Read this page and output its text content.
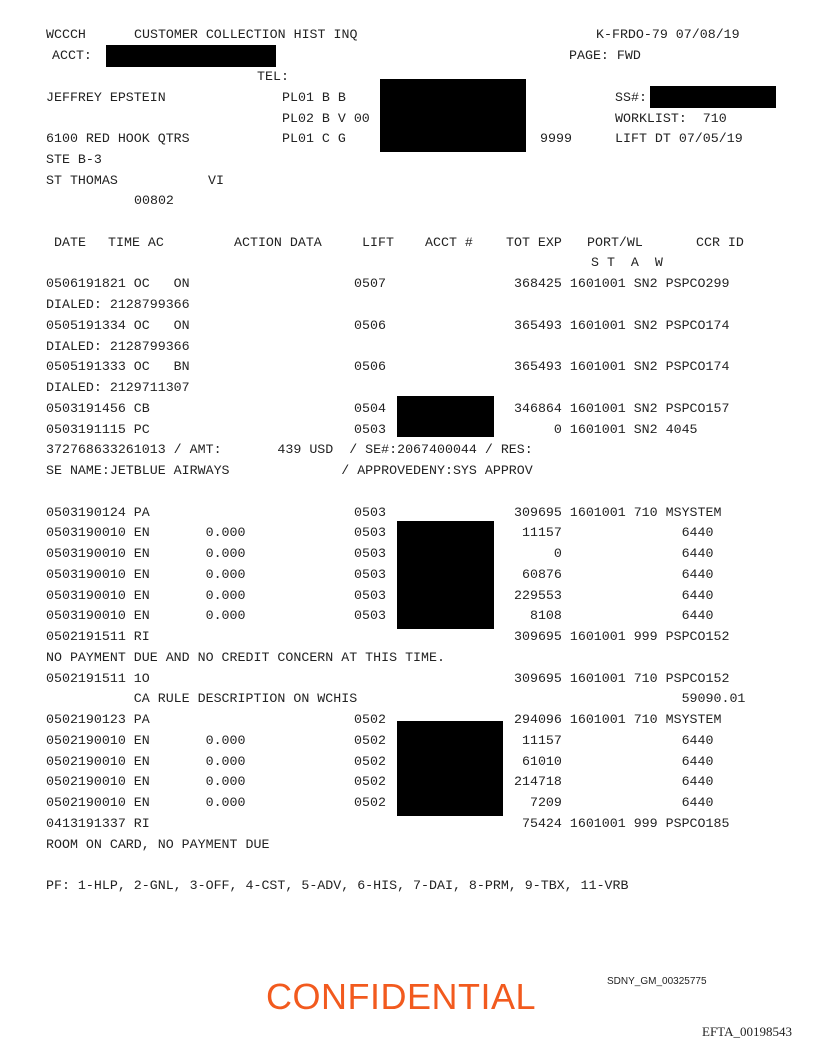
WCCCH	CUSTOMER COLLECTION HIST INQ	K-FRDO-79 07/08/19
ACCT:	PAGE: FWD
TEL:
JEFFREY EPSTEIN	PL01 B B
PL02 B V 00
PL01 C G	9999
SS#:
WORKLIST:  710
LIFT DT 07/05/19
6100 RED HOOK QTRS
STE B-3
ST THOMAS	VI
00802
DATE TIME AC	ACTION DATA	LIFT ACCT # TOT EXP PORT/WL	CCR ID
S T  A  W
0506191821 OC   ON	0507	368425 1601001 SN2 PSPCO299
DIALED: 2128799366
0505191334 OC   ON	0506	365493 1601001 SN2 PSPCO174
DIALED: 2128799366
0505191333 OC   BN	0506	365493 1601001 SN2 PSPCO174
DIALED: 2129711307
0503191456 CB	0504	346864 1601001 SN2 PSPCO157
0503191115 PC	0503	0 1601001 SN2 4045
372768633261013 / AMT:       439 USD  / SE#:2067400044 / RES:
SE NAME:JETBLUE AIRWAYS              / APPROVEDENY:SYS APPROV
0503190124 PA	0503	309695 1601001 710 MSYSTEM
0503190010 EN       0.000	0503	11157               6440
0503190010 EN       0.000	0503	0               6440
0503190010 EN       0.000	0503	60876               6440
0503190010 EN       0.000	0503	229553               6440
0503190010 EN       0.000	0503	8108               6440
0502191511 RI	309695 1601001 999 PSPCO152
NO PAYMENT DUE AND NO CREDIT CONCERN AT THIS TIME.
0502191511 1O	309695 1601001 710 PSPCO152
CA RULE DESCRIPTION ON WCHIS	59090.01
0502190123 PA	0502	294096 1601001 710 MSYSTEM
0502190010 EN       0.000	0502	11157               6440
0502190010 EN       0.000	0502	61010               6440
0502190010 EN       0.000	0502	214718               6440
0502190010 EN       0.000	0502	7209               6440
0413191337 RI	75424 1601001 999 PSPCO185
ROOM ON CARD, NO PAYMENT DUE
PF: 1-HLP, 2-GNL, 3-OFF, 4-CST, 5-ADV, 6-HIS, 7-DAI, 8-PRM, 9-TBX, 11-VRB
CONFIDENTIAL	SDNY_GM_00325775
EFTA_00198543
